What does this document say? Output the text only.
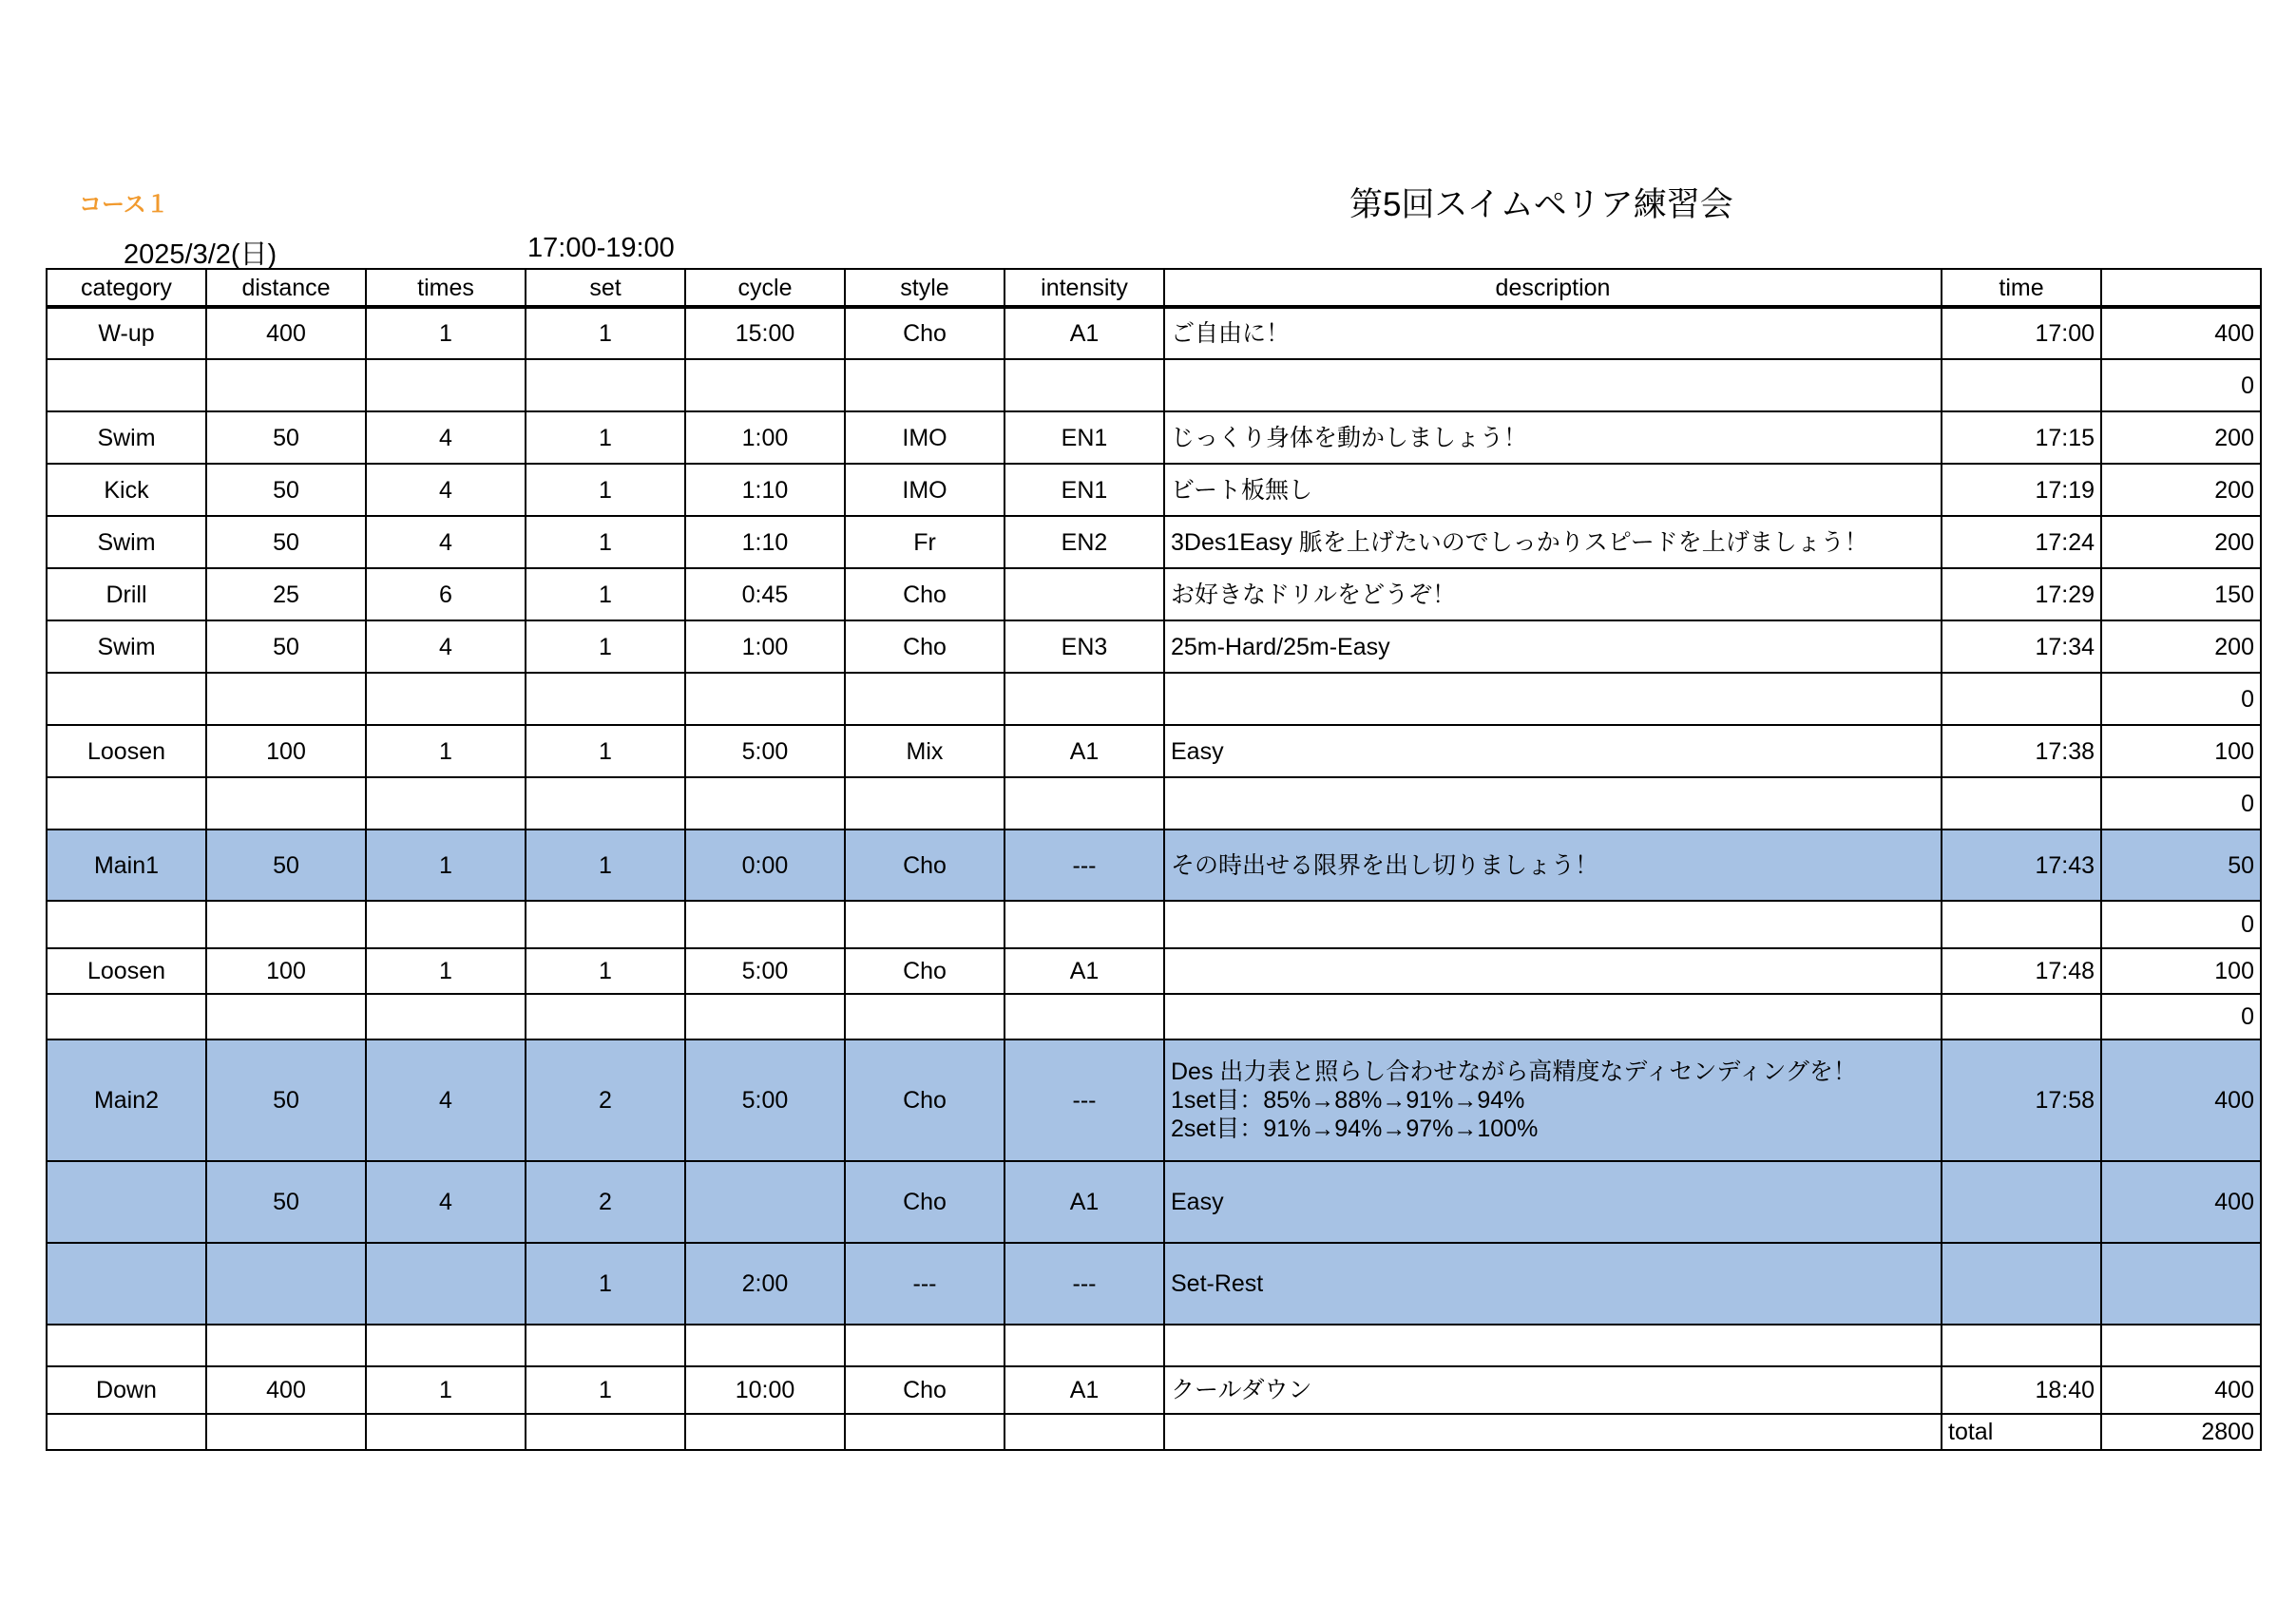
コース１	第5回スイムペリア練習会
2025/3/2(日)	17:00-19:00
category	distance	times	set	cycle	style	intensity	description	time	
W-up	400	1	1	15:00	Cho	A1	ご自由に！	17:00	400
									0
Swim	50	4	1	1:00	IMO	EN1	じっくり身体を動かしましょう！	17:15	200
Kick	50	4	1	1:10	IMO	EN1	ビート板無し	17:19	200
Swim	50	4	1	1:10	Fr	EN2	3Des1Easy 脈を上げたいのでしっかりスピードを上げましょう！	17:24	200
Drill	25	6	1	0:45	Cho		お好きなドリルをどうぞ！	17:29	150
Swim	50	4	1	1:00	Cho	EN3	25m-Hard/25m-Easy	17:34	200
									0
Loosen	100	1	1	5:00	Mix	A1	Easy	17:38	100
									0
Main1	50	1	1	0:00	Cho	---	その時出せる限界を出し切りましょう！	17:43	50
									0
Loosen	100	1	1	5:00	Cho	A1		17:48	100
									0
Main2	50	4	2	5:00	Cho	---	Des 出力表と照らし合わせながら高精度なディセンディングを！
1set目：85%→88%→91%→94%
2set目：91%→94%→97%→100%	17:58	400
	50	4	2		Cho	A1	Easy		400
			1	2:00	---	---	Set-Rest		

Down	400	1	1	10:00	Cho	A1	クールダウン	18:40	400
								total	2800
